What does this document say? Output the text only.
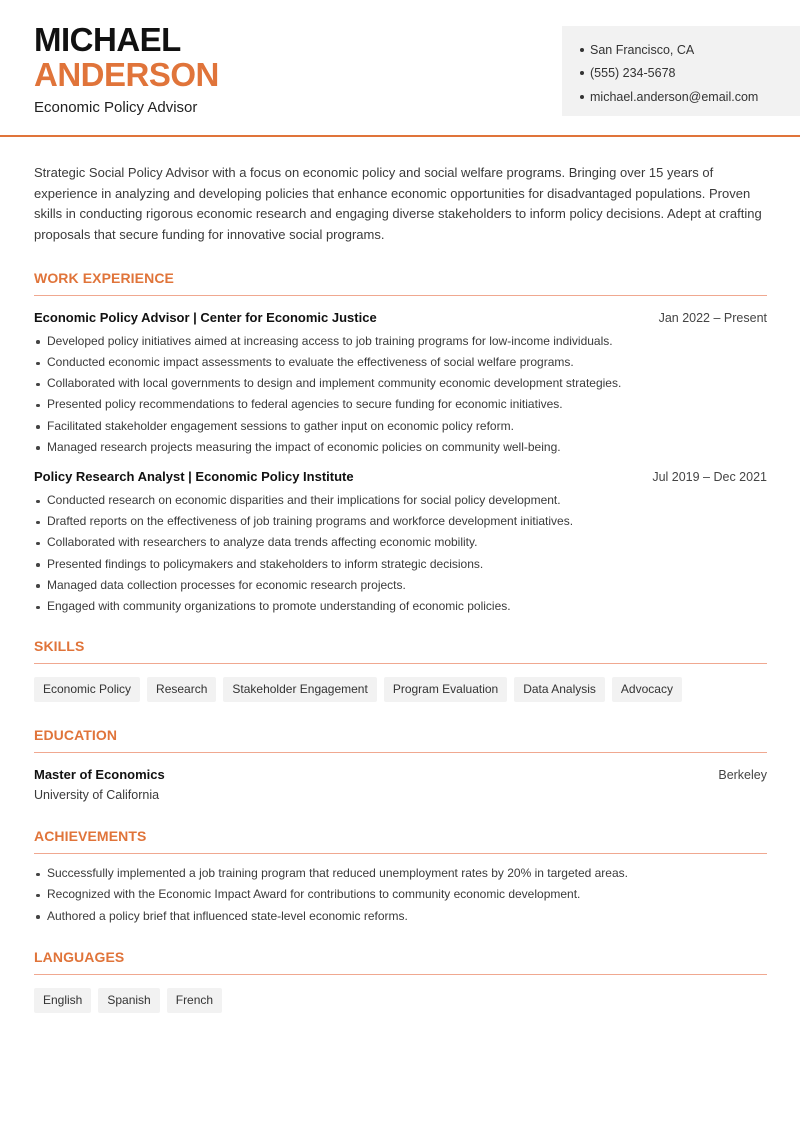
MICHAEL
ANDERSON
Economic Policy Advisor
San Francisco, CA
(555) 234-5678
michael.anderson@email.com

Strategic Social Policy Advisor with a focus on economic policy and social welfare programs. Bringing over 15 years of experience in analyzing and developing policies that enhance economic opportunities for disadvantaged populations. Proven skills in conducting rigorous economic research and engaging diverse stakeholders to inform policy decisions. Adept at crafting proposals that secure funding for innovative social programs.

WORK EXPERIENCE
Economic Policy Advisor | Center for Economic Justice	Jan 2022 – Present
Developed policy initiatives aimed at increasing access to job training programs for low-income individuals.
Conducted economic impact assessments to evaluate the effectiveness of social welfare programs.
Collaborated with local governments to design and implement community economic development strategies.
Presented policy recommendations to federal agencies to secure funding for economic initiatives.
Facilitated stakeholder engagement sessions to gather input on economic policy reform.
Managed research projects measuring the impact of economic policies on community well-being.
Policy Research Analyst | Economic Policy Institute	Jul 2019 – Dec 2021
Conducted research on economic disparities and their implications for social policy development.
Drafted reports on the effectiveness of job training programs and workforce development initiatives.
Collaborated with researchers to analyze data trends affecting economic mobility.
Presented findings to policymakers and stakeholders to inform strategic decisions.
Managed data collection processes for economic research projects.
Engaged with community organizations to promote understanding of economic policies.
SKILLS
Economic Policy	Research	Stakeholder Engagement	Program Evaluation	Data Analysis	Advocacy
EDUCATION
Master of Economics	Berkeley
University of California
ACHIEVEMENTS
Successfully implemented a job training program that reduced unemployment rates by 20% in targeted areas.
Recognized with the Economic Impact Award for contributions to community economic development.
Authored a policy brief that influenced state-level economic reforms.
LANGUAGES
English	Spanish	French
